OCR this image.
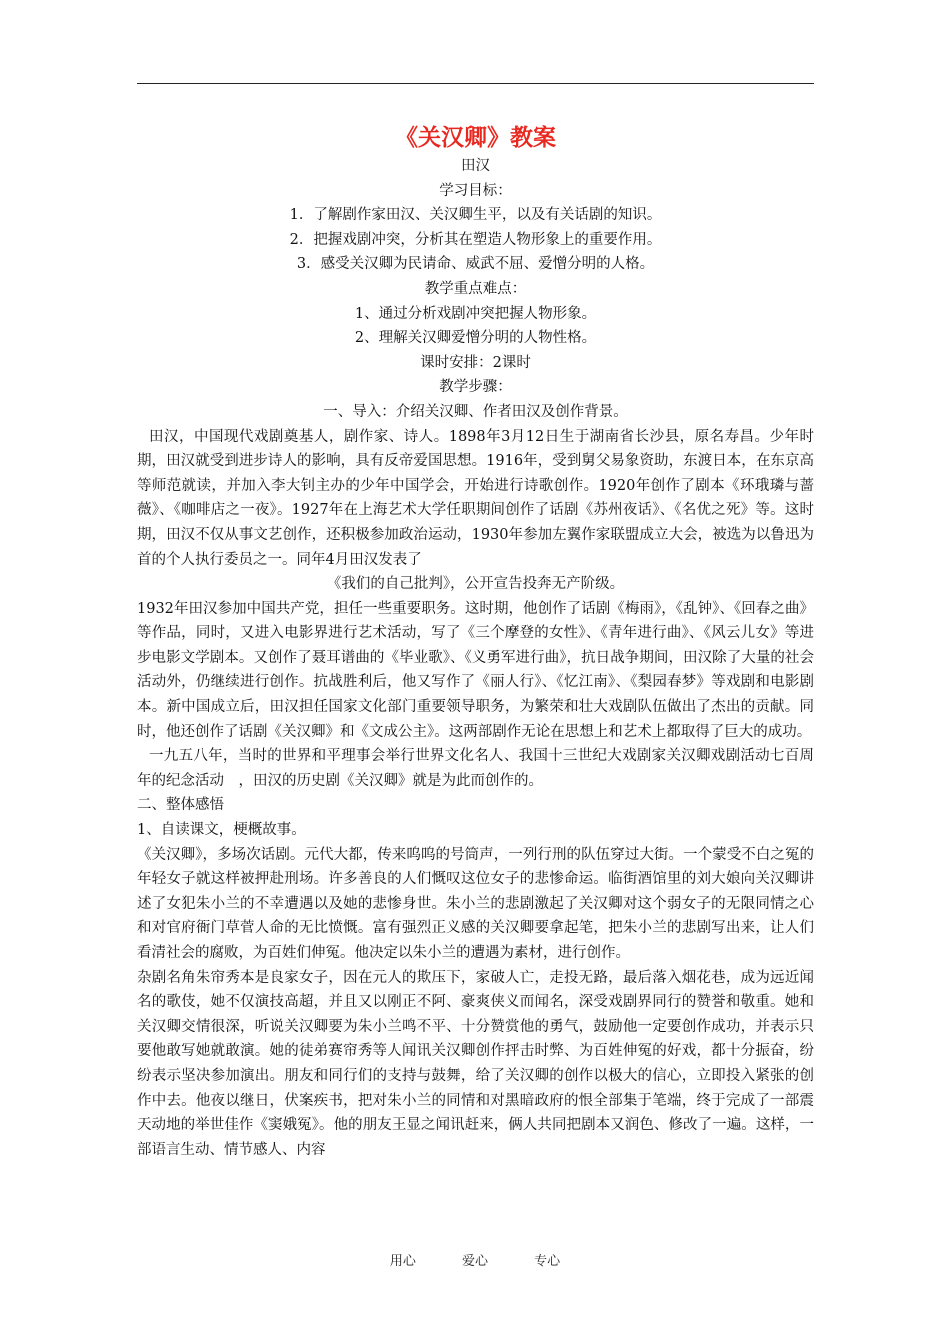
《关汉卿》教案

田汉

学习目标：

1．了解剧作家田汉、关汉卿生平，以及有关话剧的知识。

2．把握戏剧冲突，分析其在塑造人物形象上的重要作用。

3．感受关汉卿为民请命、威武不屈、爱憎分明的人格。

教学重点难点：

1、通过分析戏剧冲突把握人物形象。

2、理解关汉卿爱憎分明的人物性格。

课时安排：2课时

教学步骤：

一、导入：介绍关汉卿、作者田汉及创作背景。

田汉，中国现代戏剧奠基人，剧作家、诗人。1898年3月12日生于湖南省长沙县，原名寿昌。少年时期，田汉就受到进步诗人的影响，具有反帝爱国思想。1916年，受到舅父易象资助，东渡日本，在东京高等师范就读，并加入李大钊主办的少年中国学会，开始进行诗歌创作。1920年创作了剧本《环珴璘与蔷薇》、《咖啡店之一夜》。1927年在上海艺术大学任职期间创作了话剧《苏州夜话》、《名优之死》等。这时期，田汉不仅从事文艺创作，还积极参加政治运动，1930年参加左翼作家联盟成立大会，被选为以鲁迅为首的个人执行委员之一。同年4月田汉发表了

《我们的自己批判》，公开宣告投奔无产阶级。

1932年田汉参加中国共产党，担任一些重要职务。这时期，他创作了话剧《梅雨》，《乱钟》、《回春之曲》等作品，同时，又进入电影界进行艺术活动，写了《三个摩登的女性》、《青年进行曲》、《风云儿女》等进步电影文学剧本。又创作了聂耳谱曲的《毕业歌》、《义勇军进行曲》，抗日战争期间，田汉除了大量的社会活动外，仍继续进行创作。抗战胜利后，他又写作了《丽人行》、《忆江南》、《梨园春梦》等戏剧和电影剧本。新中国成立后，田汉担任国家文化部门重要领导职务，为繁荣和壮大戏剧队伍做出了杰出的贡献。同时，他还创作了话剧《关汉卿》和《文成公主》。这两部剧作无论在思想上和艺术上都取得了巨大的成功。

一九五八年，当时的世界和平理事会举行世界文化名人、我国十三世纪大戏剧家关汉卿戏剧活动七百周年的纪念活动　，田汉的历史剧《关汉卿》就是为此而创作的。

二、整体感悟

1、自读课文，梗概故事。

《关汉卿》，多场次话剧。元代大都，传来呜呜的号筒声，一列行刑的队伍穿过大街。一个蒙受不白之冤的年轻女子就这样被押赴刑场。许多善良的人们慨叹这位女子的悲惨命运。临街酒馆里的刘大娘向关汉卿讲述了女犯朱小兰的不幸遭遇以及她的悲惨身世。朱小兰的悲剧激起了关汉卿对这个弱女子的无限同情之心和对官府衙门草菅人命的无比愤慨。富有强烈正义感的关汉卿要拿起笔，把朱小兰的悲剧写出来，让人们看清社会的腐败，为百姓们伸冤。他决定以朱小兰的遭遇为素材，进行创作。

杂剧名角朱帘秀本是良家女子，因在元人的欺压下，家破人亡，走投无路，最后落入烟花巷，成为远近闻名的歌伎，她不仅演技高超，并且又以刚正不阿、豪爽侠义而闻名，深受戏剧界同行的赞誉和敬重。她和关汉卿交情很深，听说关汉卿要为朱小兰鸣不平、十分赞赏他的勇气，鼓励他一定要创作成功，并表示只要他敢写她就敢演。她的徒弟赛帘秀等人闻讯关汉卿创作抨击时弊、为百姓伸冤的好戏，都十分振奋，纷纷表示坚决参加演出。朋友和同行们的支持与鼓舞，给了关汉卿的创作以极大的信心，立即投入紧张的创作中去。他夜以继日，伏案疾书，把对朱小兰的同情和对黑暗政府的恨全部集于笔端，终于完成了一部震天动地的举世佳作《窦娥冤》。他的朋友王显之闻讯赶来，俩人共同把剧本又润色、修改了一遍。这样，一部语言生动、情节感人、内容

用心	爱心	专心
